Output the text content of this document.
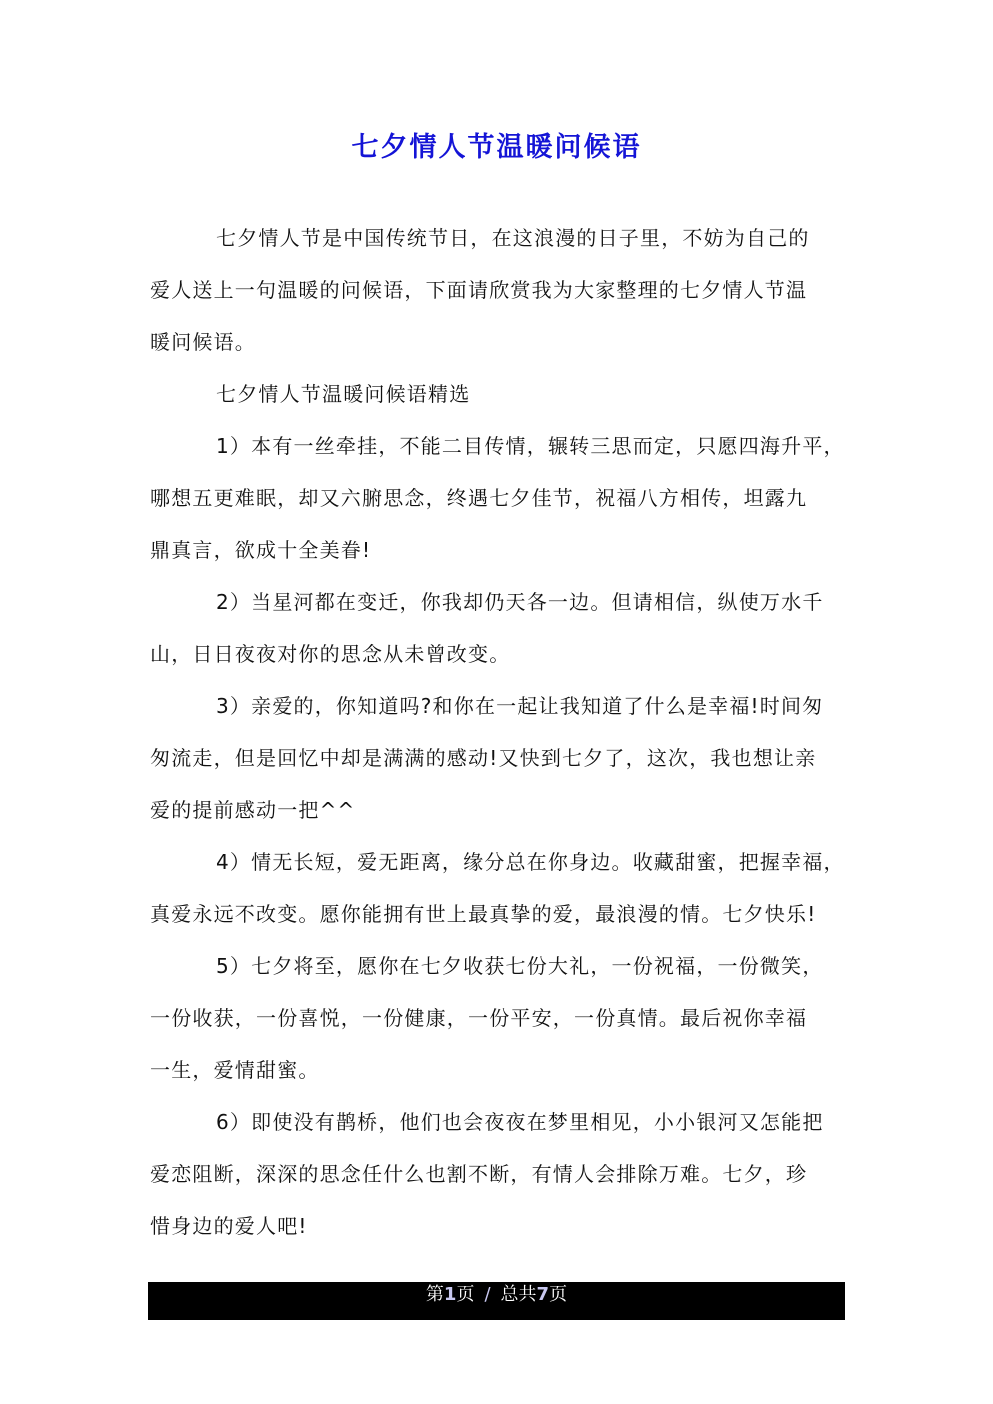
七夕情人节温暖问候语
七夕情人节是中国传统节日，在这浪漫的日子里，不妨为自己的
爱人送上一句温暖的问候语，下面请欣赏我为大家整理的七夕情人节温
暖问候语。
七夕情人节温暖问候语精选
1）本有一丝牵挂，不能二目传情，辗转三思而定，只愿四海升平，
哪想五更难眠，却又六腑思念，终遇七夕佳节，祝福八方相传，坦露九
鼎真言，欲成十全美眷!
2）当星河都在变迁，你我却仍天各一边。但请相信，纵使万水千
山，日日夜夜对你的思念从未曾改变。
3）亲爱的，你知道吗?和你在一起让我知道了什么是幸福!时间匆
匆流走，但是回忆中却是满满的感动!又快到七夕了，这次，我也想让亲
爱的提前感动一把^^
4）情无长短，爱无距离，缘分总在你身边。收藏甜蜜，把握幸福，
真爱永远不改变。愿你能拥有世上最真挚的爱，最浪漫的情。七夕快乐!
5）七夕将至，愿你在七夕收获七份大礼，一份祝福，一份微笑，
一份收获，一份喜悦，一份健康，一份平安，一份真情。最后祝你幸福
一生，爱情甜蜜。
6）即使没有鹊桥，他们也会夜夜在梦里相见，小小银河又怎能把
爱恋阻断，深深的思念任什么也割不断，有情人会排除万难。七夕，珍
惜身边的爱人吧!
第1页 / 总共7页
